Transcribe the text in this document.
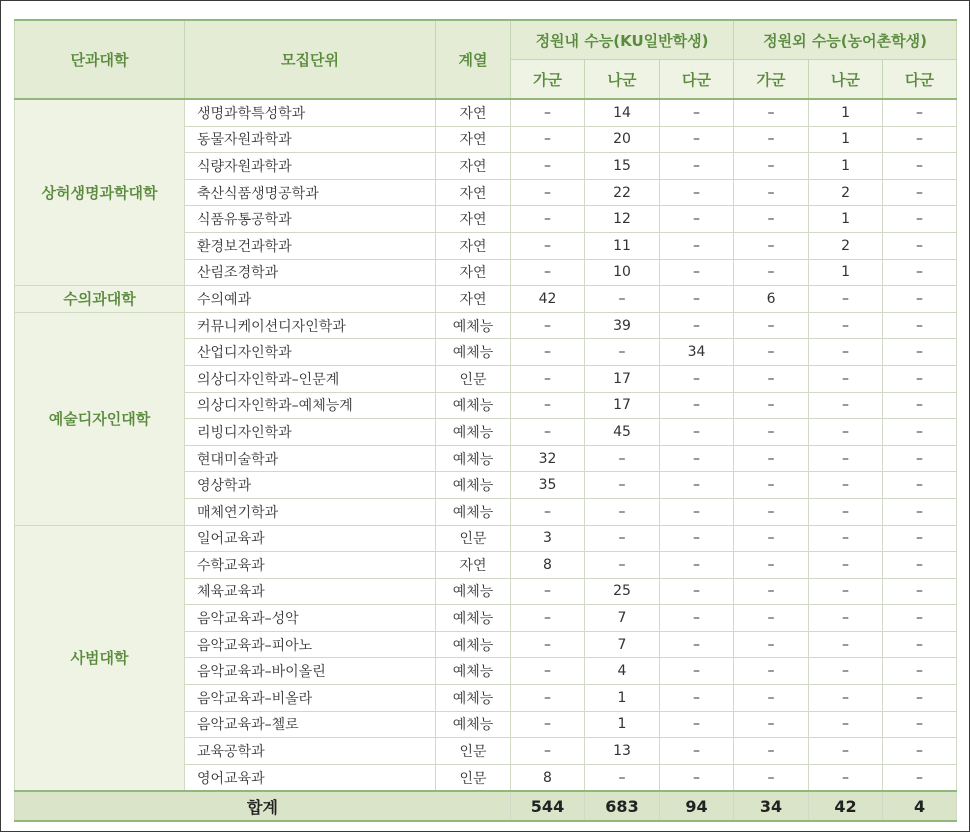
단과대학	모집단위	계열	정원내 수능(KU일반학생)			정원외 수능(농어촌학생)		
			가군	나군	다군	가군	나군	다군
상허생명과학대학	생명과학특성학과	자연	–	14	–	–	1	–
	동물자원과학과	자연	–	20	–	–	1	–
	식량자원과학과	자연	–	15	–	–	1	–
	축산식품생명공학과	자연	–	22	–	–	2	–
	식품유통공학과	자연	–	12	–	–	1	–
	환경보건과학과	자연	–	11	–	–	2	–
	산림조경학과	자연	–	10	–	–	1	–
수의과대학	수의예과	자연	42	–	–	6	–	–
예술디자인대학	커뮤니케이션디자인학과	예체능	–	39	–	–	–	–
	산업디자인학과	예체능	–	–	34	–	–	–
	의상디자인학과–인문계	인문	–	17	–	–	–	–
	의상디자인학과–예체능계	예체능	–	17	–	–	–	–
	리빙디자인학과	예체능	–	45	–	–	–	–
	현대미술학과	예체능	32	–	–	–	–	–
	영상학과	예체능	35	–	–	–	–	–
	매체연기학과	예체능	–	–	–	–	–	–
사범대학	일어교육과	인문	3	–	–	–	–	–
	수학교육과	자연	8	–	–	–	–	–
	체육교육과	예체능	–	25	–	–	–	–
	음악교육과–성악	예체능	–	7	–	–	–	–
	음악교육과–피아노	예체능	–	7	–	–	–	–
	음악교육과–바이올린	예체능	–	4	–	–	–	–
	음악교육과–비올라	예체능	–	1	–	–	–	–
	음악교육과–첼로	예체능	–	1	–	–	–	–
	교육공학과	인문	–	13	–	–	–	–
	영어교육과	인문	8	–	–	–	–	–
합계			544	683	94	34	42	4
